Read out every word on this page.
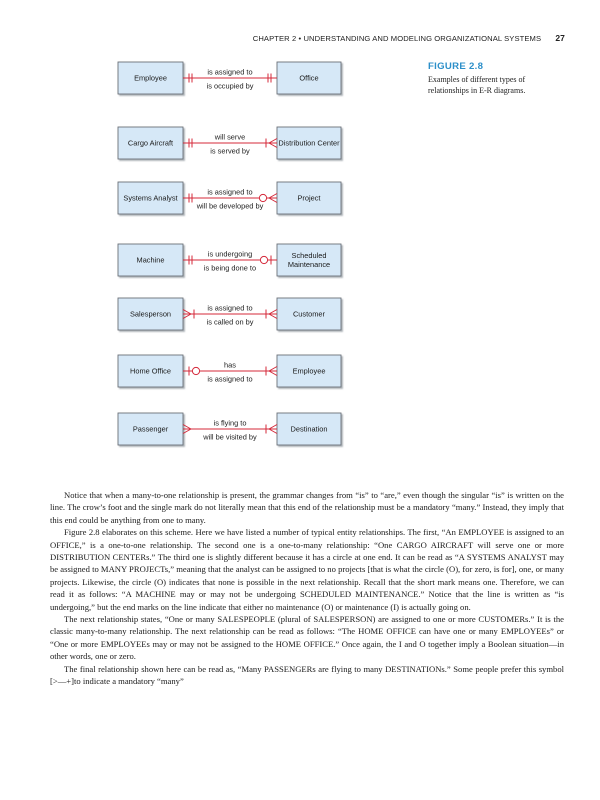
CHAPTER 2 • UNDERSTANDING AND MODELING ORGANIZATIONAL SYSTEMS 27
FIGURE 2.8
Examples of different types of relationships in E-R diagrams.
Employee	Office
is assigned to
is occupied by
Cargo Aircraft	Distribution Center
will serve
is served by
Systems Analyst	Project
is assigned to
will be developed by
Machine	Scheduled
Maintenance
is undergoing
is being done to
Salesperson	Customer
is assigned to
is called on by
Home Office	Employee
has
is assigned to
Passenger	Destination
is flying to
will be visited by

Notice that when a many-to-one relationship is present, the grammar changes from “is” to “are,” even though the singular “is” is written on the line. The crow’s foot and the single mark do not literally mean that this end of the relationship must be a mandatory “many.” Instead, they imply that this end could be anything from one to many.

Figure 2.8 elaborates on this scheme. Here we have listed a number of typical entity relationships. The first, “An EMPLOYEE is assigned to an OFFICE,” is a one-to-one relationship. The second one is a one-to-many relationship: “One CARGO AIRCRAFT will serve one or more DISTRIBUTION CENTERs.” The third one is slightly different because it has a circle at one end. It can be read as “A SYSTEMS ANALYST may be assigned to MANY PROJECTs,” meaning that the analyst can be assigned to no projects [that is what the circle (O), for zero, is for], one, or many projects. Likewise, the circle (O) indicates that none is possible in the next relationship. Recall that the short mark means one. Therefore, we can read it as follows: “A MACHINE may or may not be undergoing SCHEDULED MAINTENANCE.” Notice that the line is written as “is undergoing,” but the end marks on the line indicate that either no maintenance (O) or maintenance (I) is actually going on.

The next relationship states, “One or many SALESPEOPLE (plural of SALESPERSON) are assigned to one or more CUSTOMERs.” It is the classic many-to-many relationship. The next relationship can be read as follows: “The HOME OFFICE can have one or many EMPLOYEEs” or “One or more EMPLOYEEs may or may not be assigned to the HOME OFFICE.” Once again, the I and O together imply a Boolean situation—in other words, one or zero.

The final relationship shown here can be read as, “Many PASSENGERs are flying to many DESTINATIONs.” Some people prefer this symbol [>—+]to indicate a mandatory “many”
